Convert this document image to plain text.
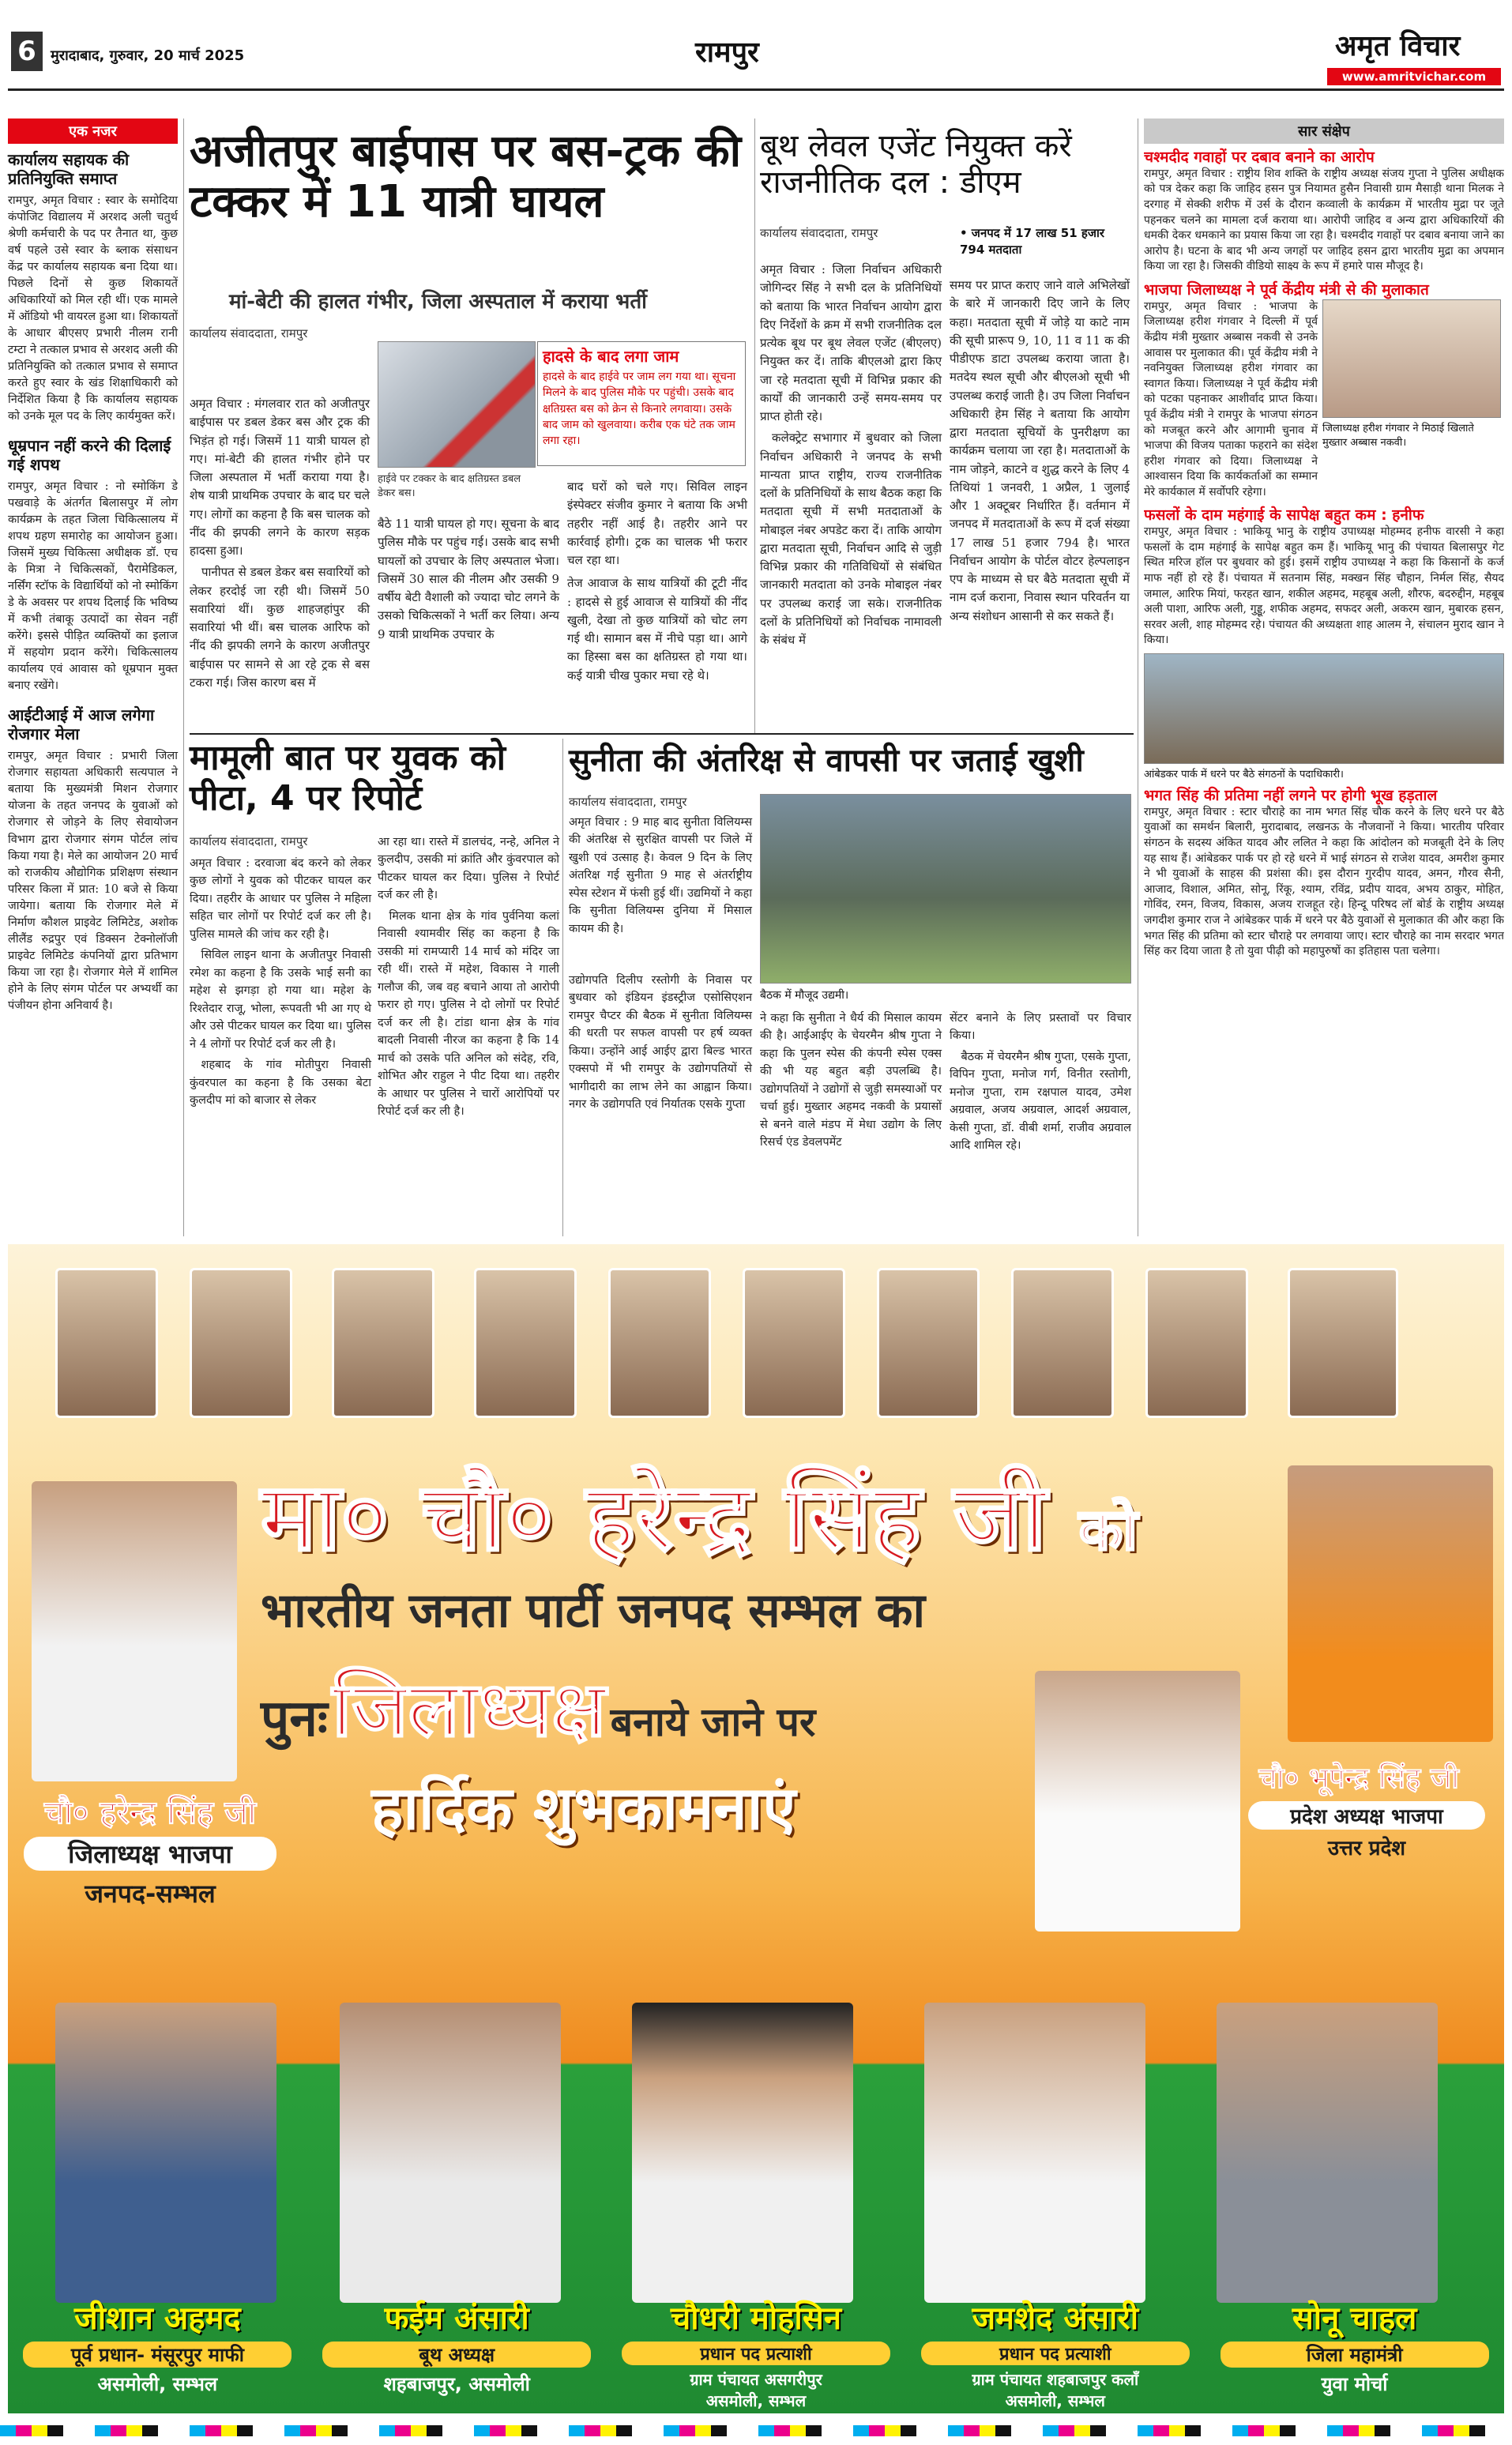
6	मुरादाबाद, गुरुवार, 20 मार्च 2025	रामपुर	अमृत विचार
www.amritvichar.com
एक नजर
कार्यालय सहायक की प्रतिनियुक्ति समाप्त
रामपुर, अमृत विचार : स्वार के समोदिया कंपोजिट विद्यालय में अरशद अली चतुर्थ श्रेणी कर्मचारी के पद पर तैनात था, कुछ वर्ष पहले उसे स्वार के ब्लाक संसाधन केंद्र पर कार्यालय सहायक बना दिया था। पिछले दिनों से कुछ शिकायतें अधिकारियों को मिल रही थीं। एक मामले में ऑडियो भी वायरल हुआ था। शिकायतों के आधार बीएसए प्रभारी नीलम रानी टम्टा ने तत्काल प्रभाव से अरशद अली की प्रतिनियुक्ति को तत्काल प्रभाव से समाप्त करते हुए स्वार के खंड शिक्षाधिकारी को निर्देशित किया है कि कार्यालय सहायक को उनके मूल पद के लिए कार्यमुक्त करें।
धूम्रपान नहीं करने की दिलाई गई शपथ
रामपुर, अमृत विचार : नो स्मोकिंग डे पखवाड़े के अंतर्गत बिलासपुर में लोग कार्यक्रम के तहत जिला चिकित्सालय में शपथ ग्रहण समारोह का आयोजन हुआ। जिसमें मुख्य चिकित्सा अधीक्षक डॉ. एच के मित्रा ने चिकित्सकों, पैरामेडिकल, नर्सिंग स्टॉफ के विद्यार्थियों को नो स्मोकिंग डे के अवसर पर शपथ दिलाई कि भविष्य में कभी तंबाकू उत्पादों का सेवन नहीं करेंगे। इससे पीड़ित व्यक्तियों का इलाज में सहयोग प्रदान करेंगे। चिकित्सालय कार्यालय एवं आवास को धूम्रपान मुक्त बनाए रखेंगे।
आईटीआई में आज लगेगा रोजगार मेला
रामपुर, अमृत विचार : प्रभारी जिला रोजगार सहायता अधिकारी सत्यपाल ने बताया कि मुख्यमंत्री मिशन रोजगार योजना के तहत जनपद के युवाओं को रोजगार से जोड़ने के लिए सेवायोजन विभाग द्वारा रोजगार संगम पोर्टल लांच किया गया है। मेले का आयोजन 20 मार्च को राजकीय औद्योगिक प्रशिक्षण संस्थान परिसर किला में प्रात: 10 बजे से किया जायेगा। बताया कि रोजगार मेले में निर्माण कौशल प्राइवेट लिमिटेड, अशोक लीलैंड रुद्रपुर एवं डिक्सन टेक्नोलॉजी प्राइवेट लिमिटेड कंपनियों द्वारा प्रतिभाग किया जा रहा है। रोजगार मेले में शामिल होने के लिए संगम पोर्टल पर अभ्यर्थी का पंजीयन होना अनिवार्य है।
अजीतपुर बाईपास पर बस-ट्रक की टक्कर में 11 यात्री घायल
मां-बेटी की हालत गंभीर, जिला अस्पताल में कराया भर्ती
कार्यालय संवाददाता, रामपुर
अमृत विचार : मंगलवार रात को अजीतपुर बाईपास पर डबल डेकर बस और ट्रक की भिड़ंत हो गई। जिसमें 11 यात्री घायल हो गए। मां-बेटी की हालत गंभीर होने पर जिला अस्पताल में भर्ती कराया गया है। शेष यात्री प्राथमिक उपचार के बाद घर चले गए। लोगों का कहना है कि बस चालक को नींद की झपकी लगने के कारण सड़क हादसा हुआ।

पानीपत से डबल डेकर बस सवारियों को लेकर हरदोई जा रही थी। जिसमें 50 सवारियां थीं। कुछ शाहजहांपुर की सवारियां भी थीं। बस चालक आरिफ को नींद की झपकी लगने के कारण अजीतपुर बाईपास पर सामने से आ रहे ट्रक से बस टकरा गई। जिस कारण बस में
हाईवे पर टक्कर के बाद क्षतिग्रस्त डबल डेकर बस।
हादसे के बाद लगा जाम
हादसे के बाद हाईवे पर जाम लग गया था। सूचना मिलने के बाद पुलिस मौके पर पहुंची। उसके बाद क्षतिग्रस्त बस को क्रेन से किनारे लगवाया। उसके बाद जाम को खुलवाया। करीब एक घंटे तक जाम लगा रहा।
बैठे 11 यात्री घायल हो गए। सूचना के बाद पुलिस मौके पर पहुंच गई। उसके बाद सभी घायलों को उपचार के लिए अस्पताल भेजा। जिसमें 30 साल की नीलम और उसकी 9 वर्षीय बेटी वैशाली को ज्यादा चोट लगने के उसको चिकित्सकों ने भर्ती कर लिया। अन्य 9 यात्री प्राथमिक उपचार के
बाद घरों को चले गए। सिविल लाइन इंस्पेक्टर संजीव कुमार ने बताया कि अभी तहरीर नहीं आई है। तहरीर आने पर कार्रवाई होगी। ट्रक का चालक भी फरार चल रहा था।
तेज आवाज के साथ यात्रियों की टूटी नींद : हादसे से हुई आवाज से यात्रियों की नींद खुली, देखा तो कुछ यात्रियों को चोट लग गई थी। सामान बस में नीचे पड़ा था। आगे का हिस्सा बस का क्षतिग्रस्त हो गया था। कई यात्री चीख पुकार मचा रहे थे।
बूथ लेवल एजेंट नियुक्त करें राजनीतिक दल : डीएम
कार्यालय संवाददाता, रामपुर	• जनपद में 17 लाख 51 हजार 794 मतदाता
अमृत विचार : जिला निर्वाचन अधिकारी जोगिन्दर सिंह ने सभी दल के प्रतिनिधियों को बताया कि भारत निर्वाचन आयोग द्वारा दिए निर्देशों के क्रम में सभी राजनीतिक दल प्रत्येक बूथ पर बूथ लेवल एजेंट (बीएलए) नियुक्त कर दें। ताकि बीएलओ द्वारा किए जा रहे मतदाता सूची में विभिन्न प्रकार की कार्यों की जानकारी उन्हें समय-समय पर प्राप्त होती रहे।
कलेक्ट्रेट सभागार में बुधवार को जिला निर्वाचन अधिकारी ने जनपद के सभी मान्यता प्राप्त राष्ट्रीय, राज्य राजनीतिक दलों के प्रतिनिधियों के साथ बैठक कहा कि मतदाता सूची में सभी मतदाताओं के मोबाइल नंबर अपडेट करा दें। ताकि आयोग द्वारा मतदाता सूची, निर्वाचन आदि से जुड़ी विभिन्न प्रकार की गतिविधियों से संबंधित जानकारी मतदाता को उनके मोबाइल नंबर पर उपलब्ध कराई जा सके। राजनीतिक दलों के प्रतिनिधियों को निर्वाचक नामावली के संबंध में
समय पर प्राप्त कराए जाने वाले अभिलेखों के बारे में जानकारी दिए जाने के लिए कहा। मतदाता सूची में जोड़े या काटे नाम की सूची प्रारूप 9, 10, 11 व 11 क की पीडीएफ डाटा उपलब्ध कराया जाता है। मतदेय स्थल सूची और बीएलओ सूची भी उपलब्ध कराई जाती है। उप जिला निर्वाचन अधिकारी हेम सिंह ने बताया कि आयोग द्वारा मतदाता सूचियों के पुनरीक्षण का कार्यक्रम चलाया जा रहा है। मतदाताओं के नाम जोड़ने, काटने व शुद्ध करने के लिए 4 तिथियां 1 जनवरी, 1 अप्रैल, 1 जुलाई और 1 अक्टूबर निर्धारित हैं। वर्तमान में जनपद में मतदाताओं के रूप में दर्ज संख्या 17 लाख 51 हजार 794 है। भारत निर्वाचन आयोग के पोर्टल वोटर हेल्पलाइन एप के माध्यम से घर बैठे मतदाता सूची में नाम दर्ज कराना, निवास स्थान परिवर्तन या अन्य संशोधन आसानी से कर सकते हैं।
मामूली बात पर युवक को पीटा, 4 पर रिपोर्ट
कार्यालय संवाददाता, रामपुर
अमृत विचार : दरवाजा बंद करने को लेकर कुछ लोगों ने युवक को पीटकर घायल कर दिया। तहरीर के आधार पर पुलिस ने महिला सहित चार लोगों पर रिपोर्ट दर्ज कर ली है। पुलिस मामले की जांच कर रही है।
सिविल लाइन थाना के अजीतपुर निवासी रमेश का कहना है कि उसके भाई सनी का महेश से झगड़ा हो गया था। महेश के रिश्तेदार राजू, भोला, रूपवती भी आ गए थे और उसे पीटकर घायल कर दिया था। पुलिस ने 4 लोगों पर रिपोर्ट दर्ज कर ली है।
शहबाद के गांव मोतीपुरा निवासी कुंवरपाल का कहना है कि उसका बेटा कुलदीप मां को बाजार से लेकर
आ रहा था। रास्ते में डालचंद, नन्हे, अनिल ने कुलदीप, उसकी मां क्रांति और कुंवरपाल को पीटकर घायल कर दिया। पुलिस ने रिपोर्ट दर्ज कर ली है।
मिलक थाना क्षेत्र के गांव पुर्वनिया कलां निवासी श्यामवीर सिंह का कहना है कि उसकी मां रामप्यारी 14 मार्च को मंदिर जा रही थीं। रास्ते में महेश, विकास ने गाली गलौज की, जब वह बचाने आया तो आरोपी फरार हो गए। पुलिस ने दो लोगों पर रिपोर्ट दर्ज कर ली है। टांडा थाना क्षेत्र के गांव बादली निवासी नीरज का कहना है कि 14 मार्च को उसके पति अनिल को संदेह, रवि, शोभित और राहुल ने पीट दिया था। तहरीर के आधार पर पुलिस ने चारों आरोपियों पर रिपोर्ट दर्ज कर ली है।
सुनीता की अंतरिक्ष से वापसी पर जताई खुशी
कार्यालय संवाददाता, रामपुर
अमृत विचार : 9 माह बाद सुनीता विलियम्स की अंतरिक्ष से सुरक्षित वापसी पर जिले में खुशी एवं उत्साह है। केवल 9 दिन के लिए अंतरिक्ष गई सुनीता 9 माह से अंतर्राष्ट्रीय स्पेस स्टेशन में फंसी हुई थीं। उद्यमियों ने कहा कि सुनीता विलियम्स दुनिया में मिसाल कायम की है।
बैठक में मौजूद उद्यमी।
उद्योगपति दिलीप रस्तोगी के निवास पर बुधवार को इंडियन इंडस्ट्रीज एसोसिएशन रामपुर चैप्टर की बैठक में सुनीता विलियम्स की धरती पर सफल वापसी पर हर्ष व्यक्त किया। उन्होंने आई आईए द्वारा बिल्ड भारत एक्सपो में भी रामपुर के उद्योगपतियों से भागीदारी का लाभ लेने का आह्वान किया। नगर के उद्योगपति एवं निर्यातक एसके गुप्ता
ने कहा कि सुनीता ने धैर्य की मिसाल कायम की है। आईआईए के चेयरमैन श्रीष गुप्ता ने कहा कि पुलन स्पेस की कंपनी स्पेस एक्स की भी यह बहुत बड़ी उपलब्धि है। उद्योगपतियों ने उद्योगों से जुड़ी समस्याओं पर चर्चा हुई। मुख्तार अहमद नकवी के प्रयासों से बनने वाले मंडप में मेधा उद्योग के लिए रिसर्च एंड डेवलपमेंट
सेंटर बनाने के लिए प्रस्तावों पर विचार किया।
बैठक में चेयरमैन श्रीष गुप्ता, एसके गुप्ता, विपिन गुप्ता, मनोज गर्ग, विनीत रस्तोगी, मनोज गुप्ता, राम रक्षपाल यादव, उमेश अग्रवाल, अजय अग्रवाल, आदर्श अग्रवाल, केसी गुप्ता, डॉ. वीबी शर्मा, राजीव अग्रवाल आदि शामिल रहे।
सार संक्षेप
चश्मदीद गवाहों पर दबाव बनाने का आरोप
रामपुर, अमृत विचार : राष्ट्रीय शिव शक्ति के राष्ट्रीय अध्यक्ष संजय गुप्ता ने पुलिस अधीक्षक को पत्र देकर कहा कि जाहिद हसन पुत्र नियामत हुसैन निवासी ग्राम मैसाड़ी थाना मिलक ने दरगाह में सेक्की शरीफ में उर्स के दौरान कव्वाली के कार्यक्रम में भारतीय मुद्रा पर जूते पहनकर चलने का मामला दर्ज कराया था। आरोपी जाहिद व अन्य द्वारा अधिकारियों की धमकी देकर धमकाने का प्रयास किया जा रहा है। चश्मदीद गवाहों पर दबाव बनाया जाने का आरोप है। घटना के बाद भी अन्य जगहों पर जाहिद हसन द्वारा भारतीय मुद्रा का अपमान किया जा रहा है। जिसकी वीडियो साक्ष्य के रूप में हमारे पास मौजूद है।
भाजपा जिलाध्यक्ष ने पूर्व केंद्रीय मंत्री से की मुलाकात
रामपुर, अमृत विचार : भाजपा के जिलाध्यक्ष हरीश गंगवार ने दिल्ली में पूर्व केंद्रीय मंत्री मुख्तार अब्बास नकवी से उनके आवास पर मुलाकात की। पूर्व केंद्रीय मंत्री ने नवनियुक्त जिलाध्यक्ष हरीश गंगवार का स्वागत किया। जिलाध्यक्ष ने पूर्व केंद्रीय मंत्री को पटका पहनाकर आशीर्वाद प्राप्त किया। पूर्व केंद्रीय मंत्री ने रामपुर के भाजपा संगठन को मजबूत करने और आगामी चुनाव में भाजपा की विजय पताका फहराने का संदेश हरीश गंगवार को दिया। जिलाध्यक्ष ने आश्वासन दिया कि कार्यकर्ताओं का सम्मान मेरे कार्यकाल में सर्वोपरि रहेगा।
जिलाध्यक्ष हरीश गंगवार ने मिठाई खिलाते मुख्तार अब्बास नकवी।
फसलों के दाम महंगाई के सापेक्ष बहुत कम : हनीफ
रामपुर, अमृत विचार : भाकियू भानु के राष्ट्रीय उपाध्यक्ष मोहम्मद हनीफ वारसी ने कहा फसलों के दाम महंगाई के सापेक्ष बहुत कम हैं। भाकियू भानु की पंचायत बिलासपुर गेट स्थित मरिज हॉल पर बुधवार को हुई। इसमें राष्ट्रीय उपाध्यक्ष ने कहा कि किसानों के कर्ज माफ नहीं हो रहे हैं। पंचायत में सतनाम सिंह, मक्खन सिंह चौहान, निर्मल सिंह, सैयद जमाल, आरिफ मियां, फरहत खान, शकील अहमद, महबूब अली, शौरफ, बदरुद्दीन, महबूब अली पाशा, आरिफ अली, गुड्डू, शफीक अहमद, सफदर अली, अकरम खान, मुबारक हसन, सरवर अली, शाह मोहम्मद रहे। पंचायत की अध्यक्षता शाह आलम ने, संचालन मुराद खान ने किया।
आंबेडकर पार्क में धरने पर बैठे संगठनों के पदाधिकारी।
भगत सिंह की प्रतिमा नहीं लगने पर होगी भूख हड़ताल
रामपुर, अमृत विचार : स्टार चौराहे का नाम भगत सिंह चौक करने के लिए धरने पर बैठे युवाओं का समर्थन बिलारी, मुरादाबाद, लखनऊ के नौजवानों ने किया। भारतीय परिवार संगठन के सदस्य अंकित यादव और ललित ने कहा कि आंदोलन को मजबूती देने के लिए यह साथ हैं। आंबेडकर पार्क पर हो रहे धरने में भाई संगठन से राजेश यादव, अमरीश कुमार ने भी युवाओं के साहस की प्रशंसा की। इस दौरान गुरदीप यादव, अमन, गौरव सैनी, आजाद, विशाल, अमित, सोनू, रिंकू, श्याम, रविंद्र, प्रदीप यादव, अभय ठाकुर, मोहित, गोविंद, रमन, विजय, विकास, अजय राजहूत रहे। हिन्दू परिषद लॉ बोर्ड के राष्ट्रीय अध्यक्ष जगदीश कुमार राज ने आंबेडकर पार्क में धरने पर बैठे युवाओं से मुलाकात की और कहा कि भगत सिंह की प्रतिमा को स्टार चौराहे पर लगवाया जाए। स्टार चौराहे का नाम सरदार भगत सिंह कर दिया जाता है तो युवा पीढ़ी को महापुरुषों का इतिहास पता चलेगा।
मा० चौ० हरेन्द्र सिंह जी को
भारतीय जनता पार्टी जनपद सम्भल का
पुनः जिलाध्यक्ष बनाये जाने पर
हार्दिक शुभकामनाएं
चौ० हरेन्द्र सिंह जी
जिलाध्यक्ष भाजपा
जनपद-सम्भल
चौ० भूपेन्द्र सिंह जी
प्रदेश अध्यक्ष भाजपा
उत्तर प्रदेश
जीशान अहमद
पूर्व प्रधान- मंसूरपुर माफी
असमोली, सम्भल
फईम अंसारी
बूथ अध्यक्ष
शहबाजपुर, असमोली
चौधरी मोहसिन
प्रधान पद प्रत्याशी
ग्राम पंचायत असगरीपुर
असमोली, सम्भल
जमशेद अंसारी
प्रधान पद प्रत्याशी
ग्राम पंचायत शहबाजपुर कलाँ
असमोली, सम्भल
सोनू चाहल
जिला महामंत्री
युवा मोर्चा
